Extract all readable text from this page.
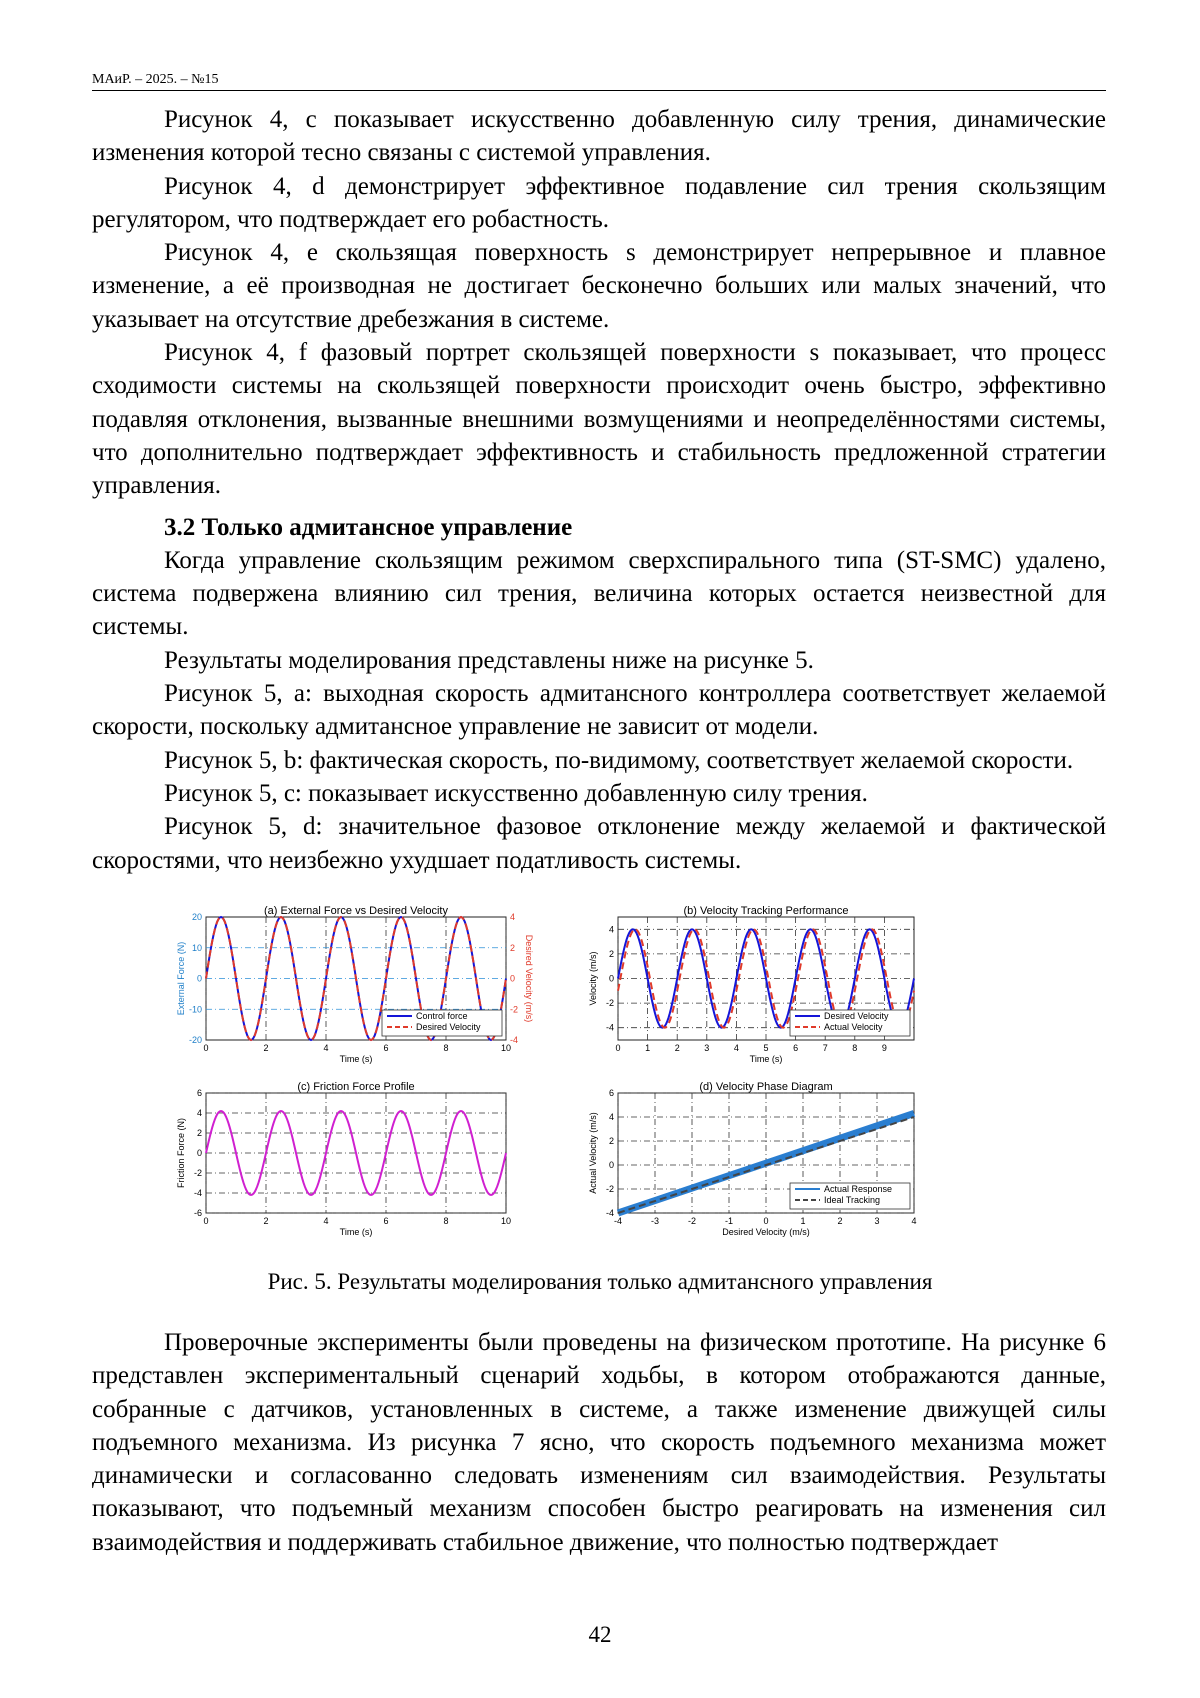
МАиР. – 2025. – №15

Рисунок 4, c показывает искусственно добавленную силу трения, динамические изменения которой тесно связаны с системой управления.

Рисунок 4, d демонстрирует эффективное подавление сил трения скользящим регулятором, что подтверждает его робастность.

Рисунок 4, e скользящая поверхность s демонстрирует непрерывное и плавное изменение, а её производная не достигает бесконечно больших или малых значений, что указывает на отсутствие дребезжания в системе.

Рисунок 4, f фазовый портрет скользящей поверхности s показывает, что процесс сходимости системы на скользящей поверхности происходит очень быстро, эффективно подавляя отклонения, вызванные внешними возмущениями и неопределённостями системы, что дополнительно подтверждает эффективность и стабильность предложенной стратегии управления.

3.2 Только адмитансное управление

Когда управление скользящим режимом сверхспирального типа (ST-SMC) удалено, система подвержена влиянию сил трения, величина которых остается неизвестной для системы.

Результаты моделирования представлены ниже на рисунке 5.

Рисунок 5, a: выходная скорость адмитансного контроллера соответствует желаемой скорости, поскольку адмитансное управление не зависит от модели.

Рисунок 5, b: фактическая скорость, по-видимому, соответствует желаемой скорости.

Рисунок 5, c: показывает искусственно добавленную силу трения.

Рисунок 5, d: значительное фазовое отклонение между желаемой и фактической скоростями, что неизбежно ухудшает податливость системы.

(a) External Force vs Desired Velocity
0	2	4	6	8	10
-20
-10
0
10
20
-4
-2
0
2
4
Desired Velocity (m/s)
Time (s)
External Force (N)
Control force
Desired Velocity
(b) Velocity Tracking Performance
0	1	2	3	4	5	6	7	8	9
-4
-2
0
2
4
Time (s)
Velocity (m/s)
Desired Velocity
Actual Velocity
(c) Friction Force Profile
0	2	4	6	8	10
-6
-4
-2
0
2
4
6
Time (s)
Friction Force (N)
(d) Velocity Phase Diagram
-4	-3	-2	-1	0	1	2	3	4
-4
-2
0
2
4
6
Desired Velocity (m/s)
Actual Velocity (m/s)	Actual Response
Ideal Tracking
Рис. 5. Результаты моделирования только адмитансного управления

Проверочные эксперименты были проведены на физическом прототипе. На рисунке 6 представлен экспериментальный сценарий ходьбы, в котором отображаются данные, собранные с датчиков, установленных в системе, а также изменение движущей силы подъемного механизма. Из рисунка 7 ясно, что скорость подъемного механизма может динамически и согласованно следовать изменениям сил взаимодействия. Результаты показывают, что подъемный механизм способен быстро реагировать на изменения сил взаимодействия и поддерживать стабильное движение, что полностью подтверждает

42
